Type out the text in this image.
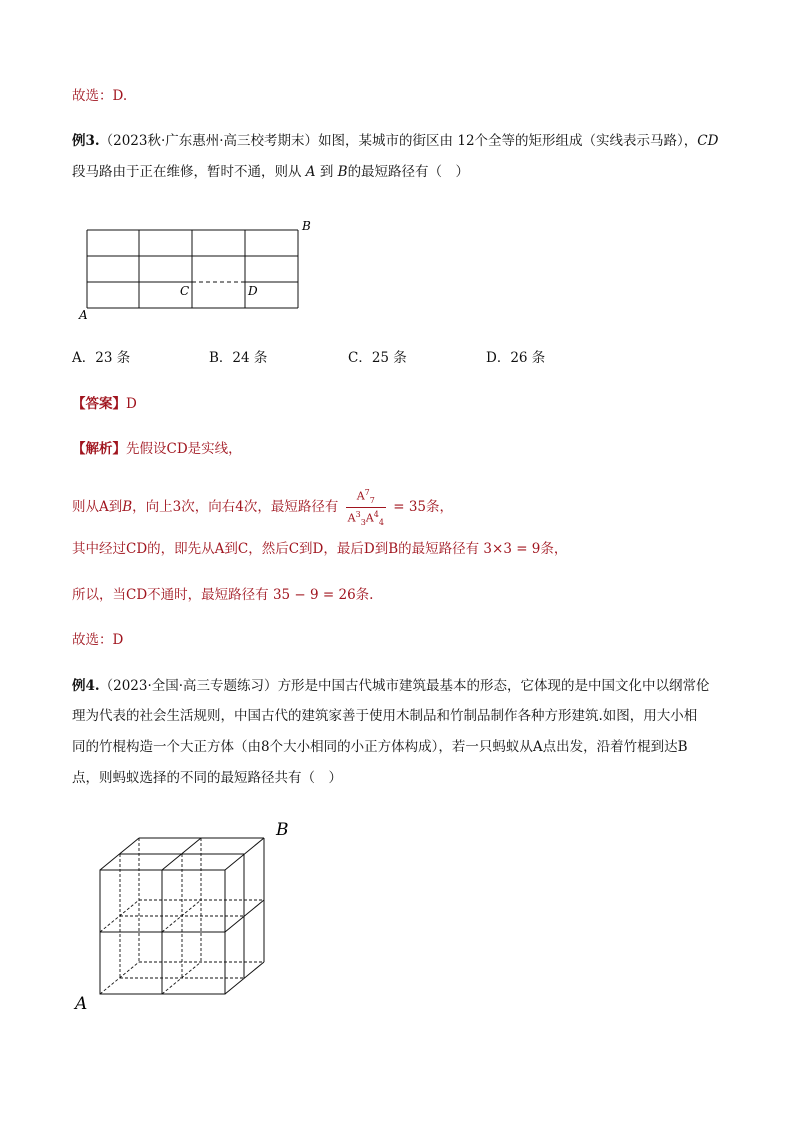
故选：D.
例3.（2023秋·广东惠州·高三校考期末）如图，某城市的街区由 12个全等的矩形组成（实线表示马路），CD
段马路由于正在维修，暂时不通，则从 A 到 B的最短路径有（　）
A
B
C	D
A．23 条	B．24 条	C．25 条	D．26 条
【答案】D
【解析】先假设CD是实线，
则从A到B，向上3次，向右4次，最短路径有 $\frac{A^7_7}{A^3_3A^4_4} = 35$条，
其中经过CD的，即先从A到C，然后C到D，最后D到B的最短路径有 3×3 = 9条，
所以，当CD不通时，最短路径有 35 − 9 = 26条.
故选：D
例4.（2023·全国·高三专题练习）方形是中国古代城市建筑最基本的形态，它体现的是中国文化中以纲常伦
理为代表的社会生活规则，中国古代的建筑家善于使用木制品和竹制品制作各种方形建筑.如图，用大小相
同的竹棍构造一个大正方体（由8个大小相同的小正方体构成），若一只蚂蚁从A点出发，沿着竹棍到达B
点，则蚂蚁选择的不同的最短路径共有（　）
A
B
